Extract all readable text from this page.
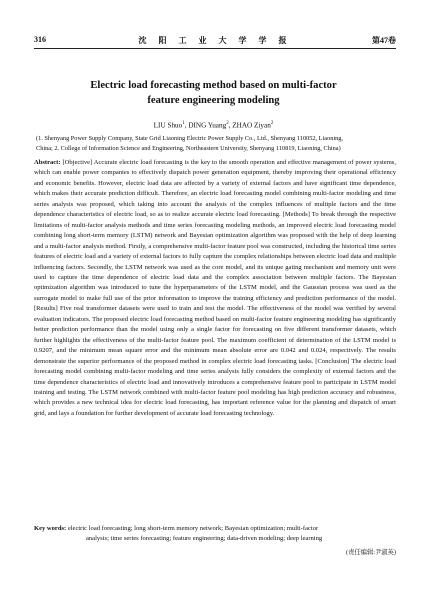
316	沈 阳 工 业 大 学 学 报	第47卷
Electric load forecasting method based on multi-factor
feature engineering modeling
LIU Shuo$^1$, DING Yuang$^2$, ZHAO Ziyan$^2$
(1. Shenyang Power Supply Company, State Grid Liaoning Electric Power Supply Co., Ltd., Shenyang 110052, Liaoning,
China; 2. College of Information Science and Engineering, Northeastern University, Shenyang 110819, Liaoning, China)
Abstract: [Objective] Accurate electric load forecasting is the key to the smooth operation and effective management of power systems, which can enable power companies to effectively dispatch power generation equipment, thereby improving their operational efficiency and economic benefits. However, electric load data are affected by a variety of external factors and have significant time dependence, which makes their accurate prediction difficult. Therefore, an electric load forecasting model combining multi-factor modeling and time series analysis was proposed, which taking into account the analysis of the complex influences of multiple factors and the time dependence characteristics of electric load, so as to realize accurate electric load forecasting. [Methods] To break through the respective limitations of multi-factor analysis methods and time series forecasting modeling methods, an improved electric load forecasting model combining long short-term memory (LSTM) network and Bayesian optimization algorithm was proposed with the help of deep learning and a multi-factor analysis method. Firstly, a comprehensive multi-factor feature pool was constructed, including the historical time series features of electric load and a variety of external factors to fully capture the complex relationships between electric load data and multiple influencing factors. Secondly, the LSTM network was used as the core model, and its unique gating mechanism and memory unit were used to capture the time dependence of electric load data and the complex association between multiple factors. The Bayesian optimization algorithm was introduced to tune the hyperparameters of the LSTM model, and the Gaussian process was used as the surrogate model to make full use of the prior information to improve the training efficiency and prediction performance of the model. [Results] Five real transformer datasets were used to train and test the model. The effectiveness of the model was verified by several evaluation indicators. The proposed electric load forecasting method based on multi-factor feature engineering modeling has significantly better prediction performance than the model using only a single factor for forecasting on five different transformer datasets, which further highlights the effectiveness of the multi-factor feature pool. The maximum coefficient of determination of the LSTM model is 0.9207, and the minimum mean square error and the minimum mean absolute error are 0.042 and 0.024, respectively. The results demonstrate the superior performance of the proposed method in complex electric load forecasting tasks. [Conclusion] The electric load forecasting model combining multi-factor modeling and time series analysis fully considers the complexity of external factors and the time dependence characteristics of electric load and innovatively introduces a comprehensive feature pool to participate in LSTM model training and testing. The LSTM network combined with multi-factor feature pool modeling has high prediction accuracy and robustness, which provides a new technical idea for electric load forecasting, has important reference value for the planning and dispatch of smart grid, and lays a foundation for further development of accurate load forecasting technology.
Key words: electric load forecasting; long short-term memory network; Bayesian optimization; multi-factor
analysis; time series forecasting; feature engineering; data-driven modeling; deep learning
(责任编辑:尹淑英)
